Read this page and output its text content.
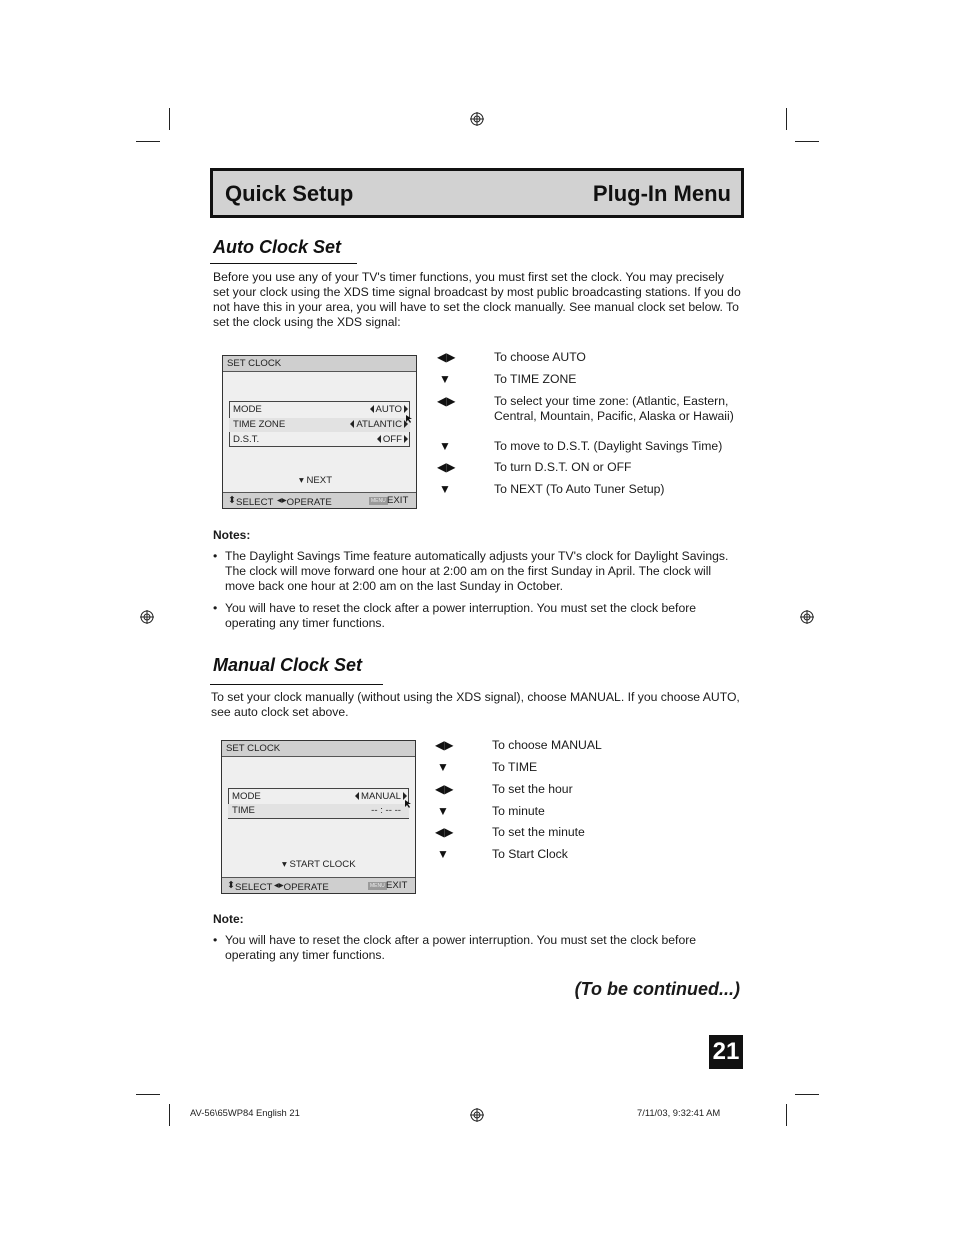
Quick Setup	Plug-In Menu
Auto Clock Set
Before you use any of your TV's timer functions, you must first set the clock. You may precisely set your clock using the XDS time signal broadcast by most public broadcasting stations. If you do not have this in your area, you will have to set the clock manually. See manual clock set below. To set the clock using the XDS signal:
SET CLOCK
MODE	AUTO
TIME ZONE	ATLANTIC
D.S.T.	OFF
▾ NEXT
⬍ SELECT ◂▸ OPERATE	MENU EXIT
◀▶	To choose AUTO
▼	To TIME ZONE
◀▶	To select your time zone: (Atlantic, Eastern, Central, Mountain, Pacific, Alaska or Hawaii)
▼	To move to D.S.T. (Daylight Savings Time)
◀▶	To turn D.S.T. ON or OFF
▼	To NEXT (To Auto Tuner Setup)
Notes:
• The Daylight Savings Time feature automatically adjusts your TV's clock for Daylight Savings. The clock will move forward one hour at 2:00 am on the first Sunday in April. The clock will move back one hour at 2:00 am on the last Sunday in October.
• You will have to reset the clock after a power interruption. You must set the clock before operating any timer functions.
Manual Clock Set
To set your clock manually (without using the XDS signal), choose MANUAL. If you choose AUTO, see auto clock set above.
SET CLOCK
MODE	MANUAL
TIME	-- : -- --
▾ START CLOCK
⬍ SELECT ◂▸ OPERATE	MENU EXIT
◀▶	To choose MANUAL
▼	To TIME
◀▶	To set the hour
▼	To minute
◀▶	To set the minute
▼	To Start Clock
Note:
• You will have to reset the clock after a power interruption. You must set the clock before operating any timer functions.
(To be continued...)
21
AV-56\65WP84 English 21	7/11/03, 9:32:41 AM
